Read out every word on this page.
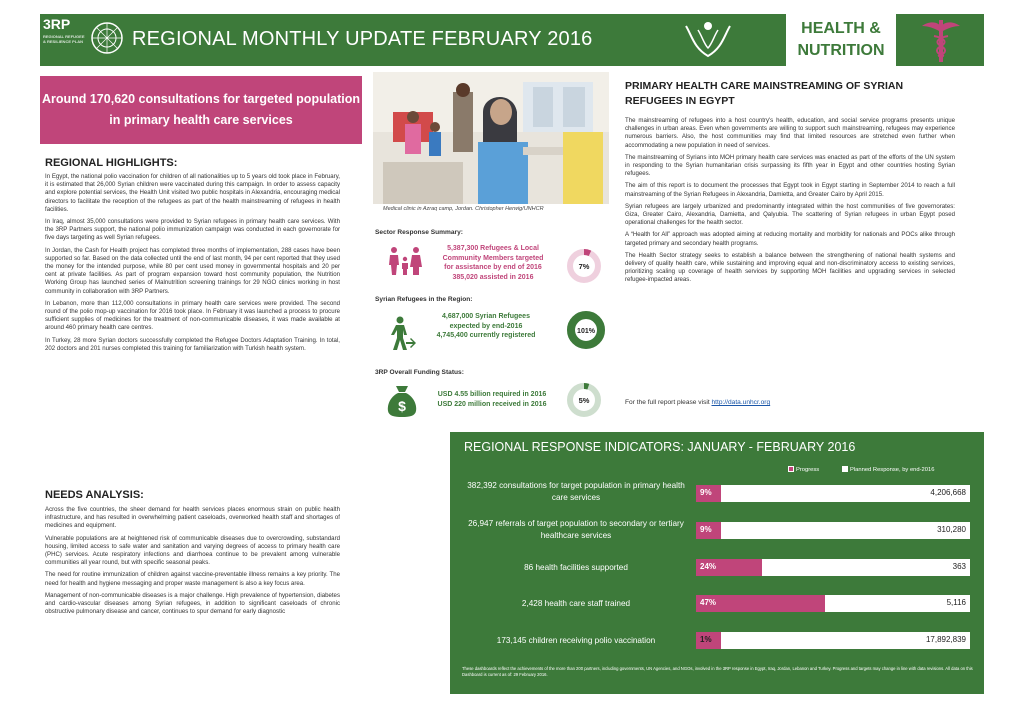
3RP
REGIONAL REFUGEE & RESILIENCE PLAN REGIONAL MONTHLY UPDATE FEBRUARY 2016	HEALTH &
NUTRITION

Around 170,620 consultations for targeted population in primary health care services

REGIONAL HIGHLIGHTS:

In Egypt, the national polio vaccination for children of all nationalities up to 5 years old took place in February, it is estimated that 26,000 Syrian children were vaccinated during this campaign. In order to assess capacity and explore potential services, the Health Unit visited two public hospitals in Alexandria, encouraging medical directors to facilitate the reception of the refugees as part of the health mainstreaming of refugees in health facilities.

In Iraq, almost 35,000 consultations were provided to Syrian refugees in primary health care services. With the 3RP Partners support, the national polio immunization campaign was conducted in each governorate for five days targeting as well Syrian refugees.

In Jordan, the Cash for Health project has completed three months of implementation, 288 cases have been supported so far. Based on the data collected until the end of last month, 94 per cent reported that they used the money for the intended purpose, while 80 per cent used money in governmental hospitals and 20 per cent at private facilities. As part of program expansion toward host community population, the Nutrition Working Group has launched series of Malnutrition screening trainings for 29 NGO clinics working in host community in collaboration with 3RP Partners.

In Lebanon, more than 112,000 consultations in primary health care services were provided. The second round of the polio mop-up vaccination for 2016 took place. In February it was launched a process to procure sufficient supplies of medicines for the treatment of non-communicable diseases, it was made available at around 460 primary health care centres.

In Turkey, 28 more Syrian doctors successfully completed the Refugee Doctors Adaptation Training. In total, 202 doctors and 201 nurses completed this training for familiarization with Turkish health system.

NEEDS ANALYSIS:

Across the five countries, the sheer demand for health services places enormous strain on public health infrastructure, and has resulted in overwhelming patient caseloads, overworked health staff and shortages of medicines and equipment.

Vulnerable populations are at heightened risk of communicable diseases due to overcrowding, substandard housing, limited access to safe water and sanitation and varying degrees of access to primary health care (PHC) services. Acute respiratory infections and diarrhoea continue to be prevalent among vulnerable communities all year round, but with specific seasonal peaks.

The need for routine immunization of children against vaccine-preventable illness remains a key priority. The need for health and hygiene messaging and proper waste management is also a key focus area.

Management of non-communicable diseases is a major challenge. High prevalence of hypertension, diabetes and cardio-vascular diseases among Syrian refugees, in addition to significant caseloads of chronic obstructive pulmonary disease and cancer, continues to spur demand for early diagnostic

Medical clinic in Azraq camp, Jordan. Christopher Herwig/UNHCR
Sector Response Summary:
5,387,300 Refugees & Local
Community Members targeted
for assistance by end of 2016
385,020 assisted in 2016
7%
Syrian Refugees in the Region:
4,687,000 Syrian Refugees
expected by end-2016
4,745,400 currently registered
101%
3RP Overall Funding Status:
$
USD 4.55 billion required in 2016
USD 220 million received in 2016	5%
PRIMARY HEALTH CARE MAINSTREAMING OF SYRIAN REFUGEES IN EGYPT

The mainstreaming of refugees into a host country's health, education, and social service programs presents unique challenges in urban areas. Even when governments are willing to support such mainstreaming, refugees may experience numerous barriers. Also, the host communities may find that limited resources are stretched even further when accommodating a new population in need of services.

The mainstreaming of Syrians into MOH primary health care services was enacted as part of the efforts of the UN system in responding to the Syrian humanitarian crisis surpassing its fifth year in Egypt and other countries hosting Syrian refugees.

The aim of this report is to document the processes that Egypt took in Egypt starting in September 2014 to reach a full mainstreaming of the Syrian Refugees in Alexandria, Damietta, and Greater Cairo by April 2015.

Syrian refugees are largely urbanized and predominantly integrated within the host communities of five governorates: Giza, Greater Cairo, Alexandria, Damietta, and Qalyubia. The scattering of Syrian refugees in urban Egypt posed operational challenges for the health sector.

A “Health for All” approach was adopted aiming at reducing mortality and morbidity for nationals and POCs alike through targeted primary and secondary health programs.

The Health Sector strategy seeks to establish a balance between the strengthening of national health systems and delivery of quality health care, while sustaining and improving equal and non-discriminatory access to existing services, prioritizing scaling up coverage of health services by supporting MOH facilities and upgrading services in selected refugee-impacted areas.

For the full report please visit http://data.unhcr.org
REGIONAL RESPONSE INDICATORS: JANUARY - FEBRUARY 2016
Progress	Planned Response, by end-2016
382,392 consultations for target population in primary health care services
9%	4,206,668
26,947 referrals of target population to secondary or tertiary healthcare services
9%	310,280
86 health facilities supported	24%	363
2,428 health care staff trained	47%	5,116
173,145 children receiving polio vaccination	1%	17,892,839
These dashboards reflect the achievements of the more than 200 partners, including governments, UN Agencies, and NGOs, involved in the 3RP response in Egypt, Iraq, Jordan, Lebanon and Turkey. Progress and targets may change in line with data revisions. All data on this Dashboard is current as of: 29 February 2016.
